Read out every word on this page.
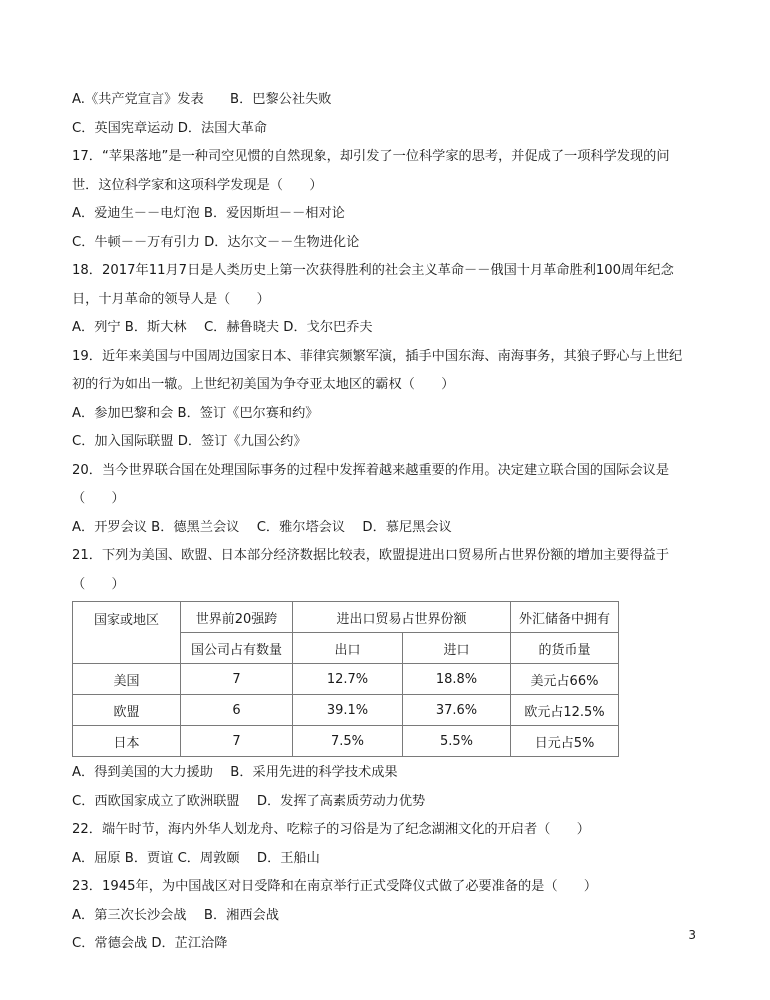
A.《共产党宣言》发表　　B．巴黎公社失败
C．英国宪章运动 D．法国大革命
17．“苹果落地”是一种司空见惯的自然现象，却引发了一位科学家的思考，并促成了一项科学发现的问
世．这位科学家和这项科学发现是（　　）
A．爱迪生－－电灯泡 B．爱因斯坦－－相对论
C．牛顿－－万有引力 D．达尔文－－生物进化论
18．2017年11月7日是人类历史上第一次获得胜利的社会主义革命－－俄国十月革命胜利100周年纪念
日，十月革命的领导人是（　　）
A．列宁 B．斯大林　 C．赫鲁晓夫 D．戈尔巴乔夫
19．近年来美国与中国周边国家日本、菲律宾频繁军演，插手中国东海、南海事务，其狼子野心与上世纪
初的行为如出一辙。上世纪初美国为争夺亚太地区的霸权（　　）
A．参加巴黎和会 B．签订《巴尔赛和约》
C．加入国际联盟 D．签订《九国公约》
20．当今世界联合国在处理国际事务的过程中发挥着越来越重要的作用。决定建立联合国的国际会议是
（　　）
A．开罗会议 B．德黑兰会议　 C．雅尔塔会议　 D．慕尼黑会议
21．下列为美国、欧盟、日本部分经济数据比较表，欧盟提进出口贸易所占世界份额的增加主要得益于
（　　）
国家或地区	世界前20强跨	进出口贸易占世界份额		外汇储备中拥有
	国公司占有数量	出口	进口	的货币量
美国	7	12.7%	18.8%	美元占66%
欧盟	6	39.1%	37.6%	欧元占12.5%
日本	7	7.5%	5.5%	日元占5%
A．得到美国的大力援助　 B．采用先进的科学技术成果
C．西欧国家成立了欧洲联盟　 D．发挥了高素质劳动力优势
22．端午时节，海内外华人划龙舟、吃粽子的习俗是为了纪念湖湘文化的开启者（　　）
A．屈原 B．贾谊 C．周敦颐　 D．王船山
23．1945年，为中国战区对日受降和在南京举行正式受降仪式做了必要准备的是（　　）
A．第三次长沙会战　 B．湘西会战
C．常德会战 D．芷江洽降
3
